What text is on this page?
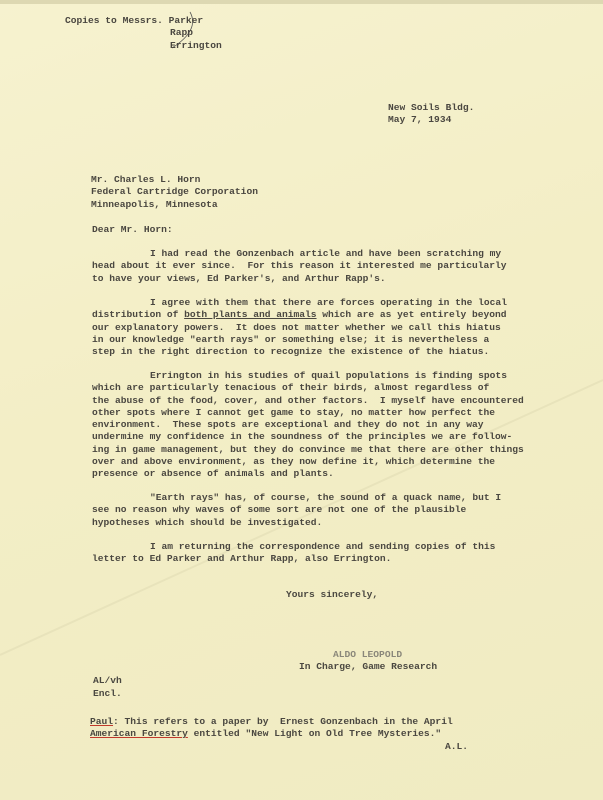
Copies to Messrs. Parker
Rapp
Errington
New Soils Bldg.
May 7, 1934
Mr. Charles L. Horn
Federal Cartridge Corporation
Minneapolis, Minnesota
Dear Mr. Horn:
I had read the Gonzenbach article and have been scratching my
head about it ever since.  For this reason it interested me particularly
to have your views, Ed Parker's, and Arthur Rapp's.
I agree with them that there are forces operating in the local
distribution of both plants and animals which are as yet entirely beyond
our explanatory powers.  It does not matter whether we call this hiatus
in our knowledge "earth rays" or something else; it is nevertheless a
step in the right direction to recognize the existence of the hiatus.
Errington in his studies of quail populations is finding spots
which are particularly tenacious of their birds, almost regardless of
the abuse of the food, cover, and other factors.  I myself have encountered
other spots where I cannot get game to stay, no matter how perfect the
environment.  These spots are exceptional and they do not in any way
undermine my confidence in the soundness of the principles we are follow-
ing in game management, but they do convince me that there are other things
over and above environment, as they now define it, which determine the
presence or absence of animals and plants.
"Earth rays" has, of course, the sound of a quack name, but I
see no reason why waves of some sort are not one of the plausible
hypotheses which should be investigated.
I am returning the correspondence and sending copies of this
letter to Ed Parker and Arthur Rapp, also Errington.
Yours sincerely,
ALDO LEOPOLD
In Charge, Game Research
AL/vh
Encl.
Paul: This refers to a paper by  Ernest Gonzenbach in the April
American Forestry entitled "New Light on Old Tree Mysteries."
A.L.
